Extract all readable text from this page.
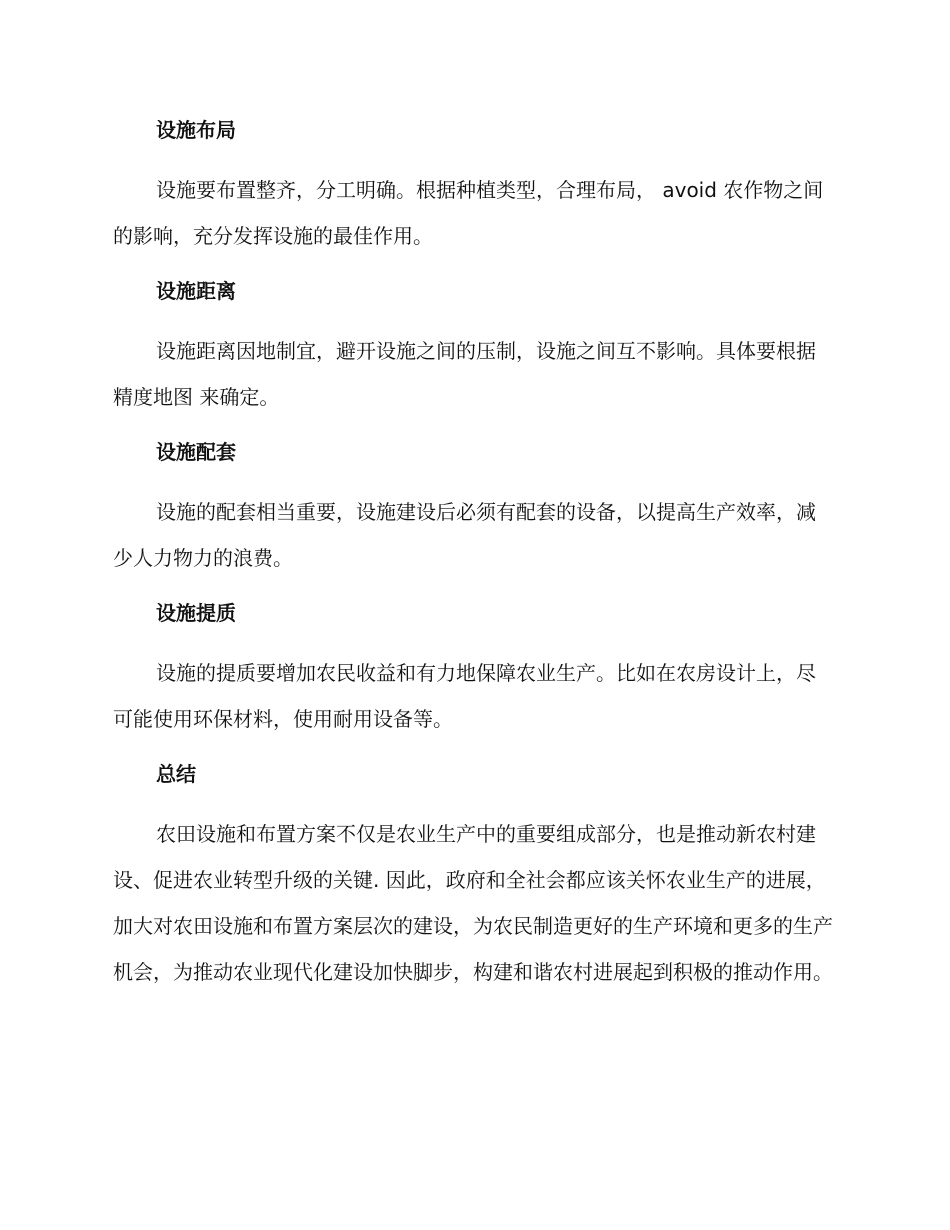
设施布局

设施要布置整齐，分工明确。根据种植类型，合理布局， avoid 农作物之间的影响，充分发挥设施的最佳作用。

设施距离

设施距离因地制宜，避开设施之间的压制，设施之间互不影响。具体要根据 精度地图 来确定。

设施配套

设施的配套相当重要，设施建设后必须有配套的设备，以提高生产效率，减少人力物力的浪费。

设施提质

设施的提质要增加农民收益和有力地保障农业生产。比如在农房设计上，尽可能使用环保材料，使用耐用设备等。

总结

农田设施和布置方案不仅是农业生产中的重要组成部分，也是推动新农村建设、促进农业转型升级的关键. 因此，政府和全社会都应该关怀农业生产的进展，加大对农田设施和布置方案层次的建设，为农民制造更好的生产环境和更多的生产机会，为推动农业现代化建设加快脚步，构建和谐农村进展起到积极的推动作用。
